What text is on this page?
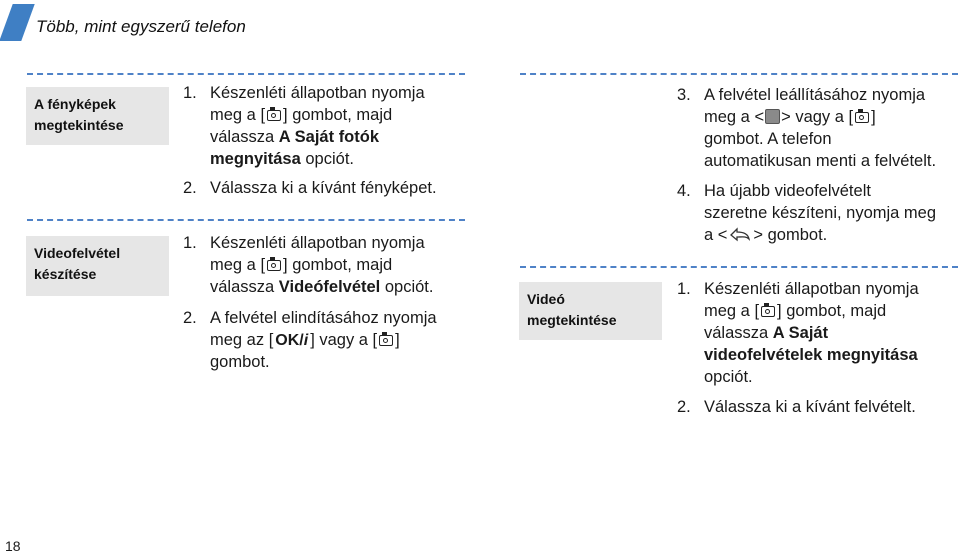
Több, mint egyszerű telefon
A fényképek
megtekintése
1. Készenléti állapotban nyomja
meg a [ ] gombot, majd
válassza A Saját fotók
megnyitása opciót.
2. Válassza ki a kívánt fényképet.
Videofelvétel
készítése
1. Készenléti állapotban nyomja
meg a [ ] gombot, majd
válassza Videófelvétel opciót.
2. A felvétel elindításához nyomja
meg az [ OK/i ] vagy a [ ]
gombot.
3. A felvétel leállításához nyomja
meg a < > vagy a [ ]
gombot. A telefon
automatikusan menti a felvételt.
4. Ha újabb videofelvételt
szeretne készíteni, nyomja meg
a < > gombot.
Videó
megtekintése
1. Készenléti állapotban nyomja
meg a [ ] gombot, majd
válassza A Saját
videofelvételek megnyitása
opciót.
2. Válassza ki a kívánt felvételt.
18
